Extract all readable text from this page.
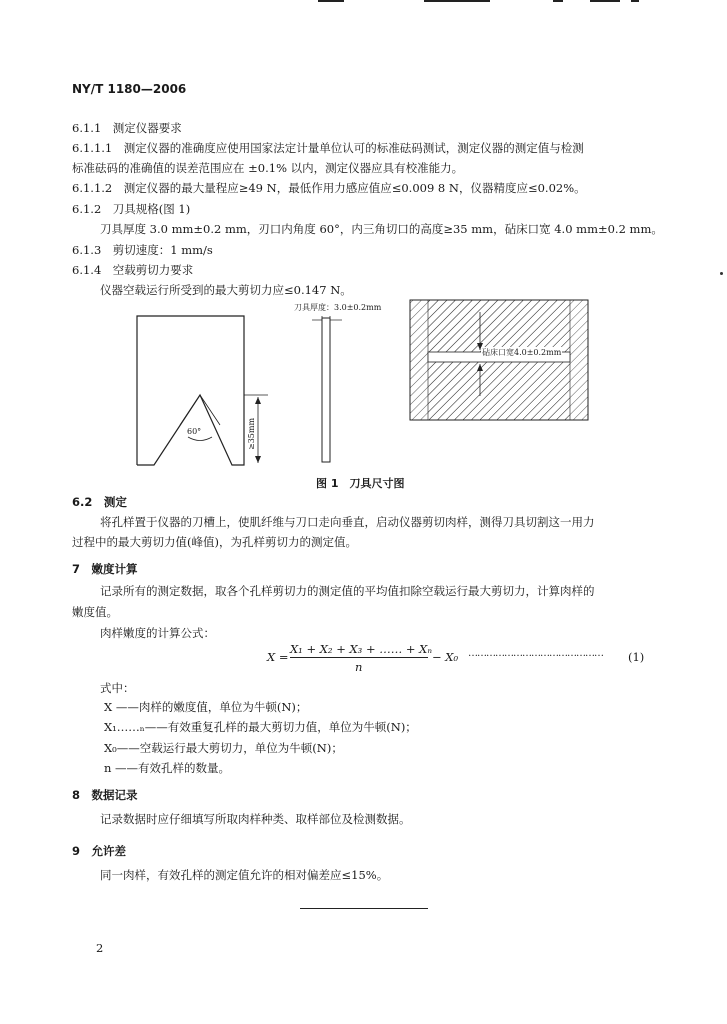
NY/T 1180—2006
6.1.1　测定仪器要求
6.1.1.1　测定仪器的准确度应使用国家法定计量单位认可的标准砝码测试，测定仪器的测定值与检测
标准砝码的准确值的误差范围应在 ±0.1% 以内，测定仪器应具有校准能力。
6.1.1.2　测定仪器的最大量程应≥49 N，最低作用力感应值应≤0.009 8 N，仪器精度应≤0.02%。
6.1.2　刀具规格(图 1)
刀具厚度 3.0 mm±0.2 mm，刃口内角度 60°，内三角切口的高度≥35 mm，砧床口宽 4.0 mm±0.2 mm。
6.1.3　剪切速度：1 mm/s
6.1.4　空载剪切力要求
仪器空载运行所受到的最大剪切力应≤0.147 N。
刀具厚度：3.0±0.2mm
60°	≥35mm
砧床口宽4.0±0.2mm
图 1　刀具尺寸图
6.2　测定
将孔样置于仪器的刀槽上，使肌纤维与刀口走向垂直，启动仪器剪切肉样，测得刀具切割这一用力
过程中的最大剪切力值(峰值)，为孔样剪切力的测定值。
7　嫩度计算
记录所有的测定数据，取各个孔样剪切力的测定值的平均值扣除空载运行最大剪切力，计算肉样的
嫩度值。
肉样嫩度的计算公式：
X =
X₁ + X₂ + X₃ + …… + Xₙ
n
− X₀ ……………………………………… (1)
式中：
X ——肉样的嫩度值，单位为牛顿(N)；
X₁……ₙ——有效重复孔样的最大剪切力值，单位为牛顿(N)；
X₀——空载运行最大剪切力，单位为牛顿(N)；
n ——有效孔样的数量。
8　数据记录
记录数据时应仔细填写所取肉样种类、取样部位及检测数据。
9　允许差
同一肉样，有效孔样的测定值允许的相对偏差应≤15%。
2
